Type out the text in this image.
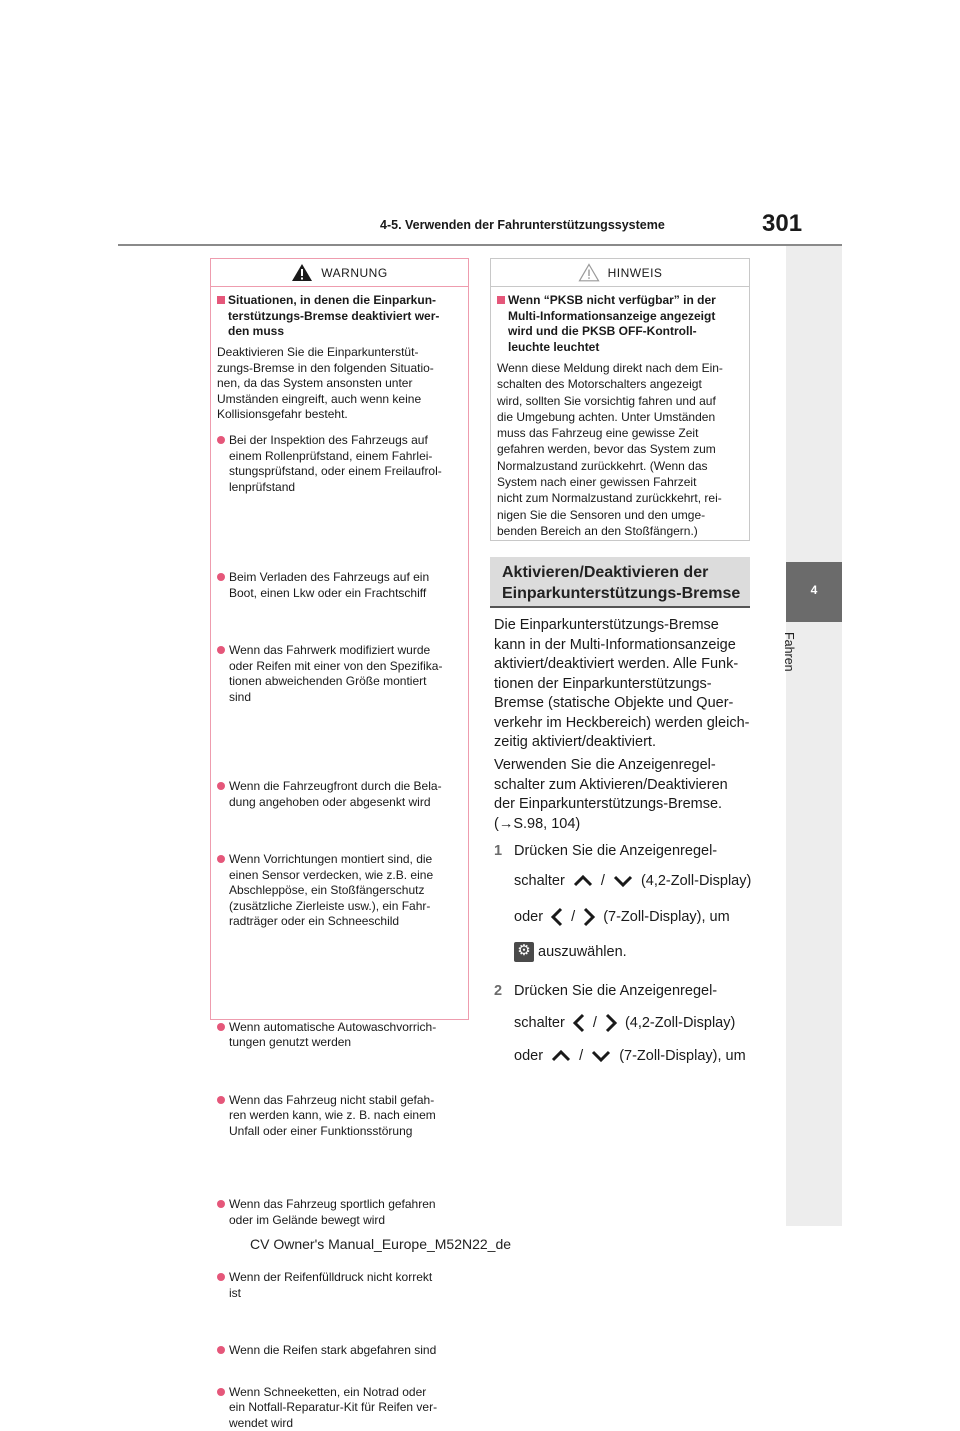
4-5. Verwenden der Fahrunterstützungssysteme	301
4
Fahren
WARNUNG
Situationen, in denen die Einparkun-
terstützungs-Bremse deaktiviert wer-
den muss
Deaktivieren Sie die Einparkunterstüt-
zungs-Bremse in den folgenden Situatio-
nen, da das System ansonsten unter
Umständen eingreift, auch wenn keine
Kollisionsgefahr besteht.
Bei der Inspektion des Fahrzeugs auf
einem Rollenprüfstand, einem Fahrlei-
stungsprüfstand, oder einem Freilaufrol-
lenprüfstand
Beim Verladen des Fahrzeugs auf ein
Boot, einen Lkw oder ein Frachtschiff
Wenn das Fahrwerk modifiziert wurde
oder Reifen mit einer von den Spezifika-
tionen abweichenden Größe montiert
sind
Wenn die Fahrzeugfront durch die Bela-
dung angehoben oder abgesenkt wird
Wenn Vorrichtungen montiert sind, die
einen Sensor verdecken, wie z.B. eine
Abschleppöse, ein Stoßfängerschutz
(zusätzliche Zierleiste usw.), ein Fahr-
radträger oder ein Schneeschild
Wenn automatische Autowaschvorrich-
tungen genutzt werden
Wenn das Fahrzeug nicht stabil gefah-
ren werden kann, wie z. B. nach einem
Unfall oder einer Funktionsstörung
Wenn das Fahrzeug sportlich gefahren
oder im Gelände bewegt wird
Wenn der Reifenfülldruck nicht korrekt
ist
Wenn die Reifen stark abgefahren sind
Wenn Schneeketten, ein Notrad oder
ein Notfall-Reparatur-Kit für Reifen ver-
wendet wird
HINWEIS
Wenn “PKSB nicht verfügbar” in der
Multi-Informationsanzeige angezeigt
wird und die PKSB OFF-Kontroll-
leuchte leuchtet
Wenn diese Meldung direkt nach dem Ein-
schalten des Motorschalters angezeigt
wird, sollten Sie vorsichtig fahren und auf
die Umgebung achten. Unter Umständen
muss das Fahrzeug eine gewisse Zeit
gefahren werden, bevor das System zum
Normalzustand zurückkehrt. (Wenn das
System nach einer gewissen Fahrzeit
nicht zum Normalzustand zurückkehrt, rei-
nigen Sie die Sensoren und den umge-
benden Bereich an den Stoßfängern.)
Aktivieren/Deaktivieren der
Einparkunterstützungs-Bremse
Die Einparkunterstützungs-Bremse
kann in der Multi-Informationsanzeige
aktiviert/deaktiviert werden. Alle Funk-
tionen der Einparkunterstützungs-
Bremse (statische Objekte und Quer-
verkehr im Heckbereich) werden gleich-
zeitig aktiviert/deaktiviert.
Verwenden Sie die Anzeigenregel-
schalter zum Aktivieren/Deaktivieren
der Einparkunterstützungs-Bremse.
(→S.98, 104)
1 Drücken Sie die Anzeigenregel-
schalter / (4,2-Zoll-Display)
oder / (7-Zoll-Display), um
⚙auszuwählen.
2 Drücken Sie die Anzeigenregel-
schalter / (4,2-Zoll-Display)
oder / (7-Zoll-Display), um
CV Owner's Manual_Europe_M52N22_de
